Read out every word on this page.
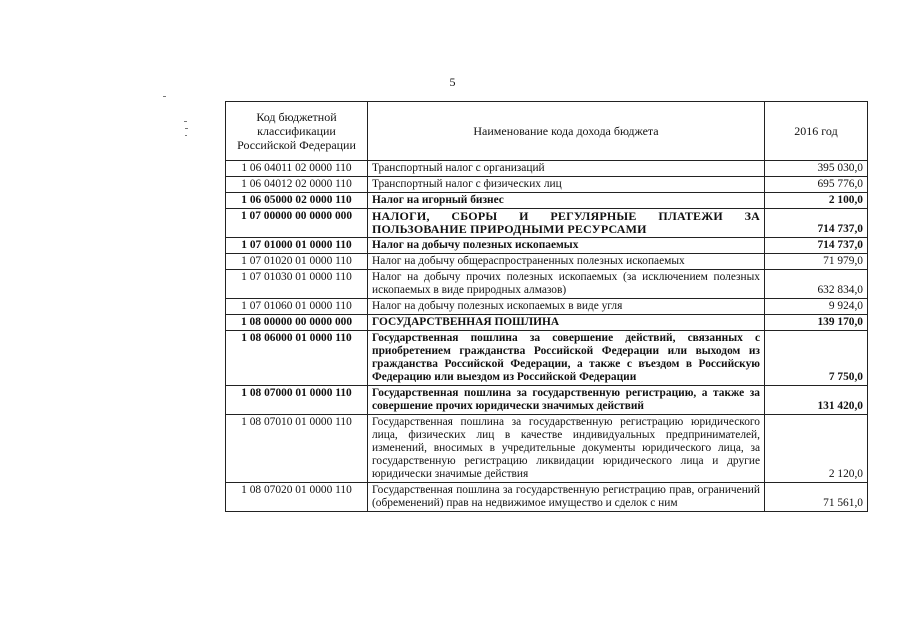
5
Код бюджетной классификации Российской Федерации	Наименование кода дохода бюджета	2016 год
1 06 04011 02 0000 110	Транспортный налог с организаций	395 030,0
1 06 04012 02 0000 110	Транспортный налог с физических лиц	695 776,0
1 06 05000 02 0000 110	Налог на игорный бизнес	2 100,0
1 07 00000 00 0000 000	НАЛОГИ, СБОРЫ И РЕГУЛЯРНЫЕ ПЛАТЕЖИ ЗА ПОЛЬЗОВАНИЕ ПРИРОДНЫМИ РЕСУРСАМИ	714 737,0
1 07 01000 01 0000 110	Налог на добычу полезных ископаемых	714 737,0
1 07 01020 01 0000 110	Налог на добычу общераспространенных полезных ископаемых	71 979,0
1 07 01030 01 0000 110	Налог на добычу прочих полезных ископаемых (за исключением полезных ископаемых в виде природных алмазов)	632 834,0
1 07 01060 01 0000 110	Налог на добычу полезных ископаемых в виде угля	9 924,0
1 08 00000 00 0000 000	ГОСУДАРСТВЕННАЯ ПОШЛИНА	139 170,0
1 08 06000 01 0000 110	Государственная пошлина за совершение действий, связанных с приобретением гражданства Российской Федерации или выходом из гражданства Российской Федерации, а также с въездом в Российскую Федерацию или выездом из Российской Федерации	7 750,0
1 08 07000 01 0000 110	Государственная пошлина за государственную регистрацию, а также за совершение прочих юридически значимых действий	131 420,0
1 08 07010 01 0000 110	Государственная пошлина за государственную регистрацию юридического лица, физических лиц в качестве индивидуальных предпринимателей, изменений, вносимых в учредительные документы юридического лица, за государственную регистрацию ликвидации юридического лица и другие юридически значимые действия	2 120,0
1 08 07020 01 0000 110	Государственная пошлина за государственную регистрацию прав, ограничений (обременений) прав на недвижимое имущество и сделок с ним	71 561,0
